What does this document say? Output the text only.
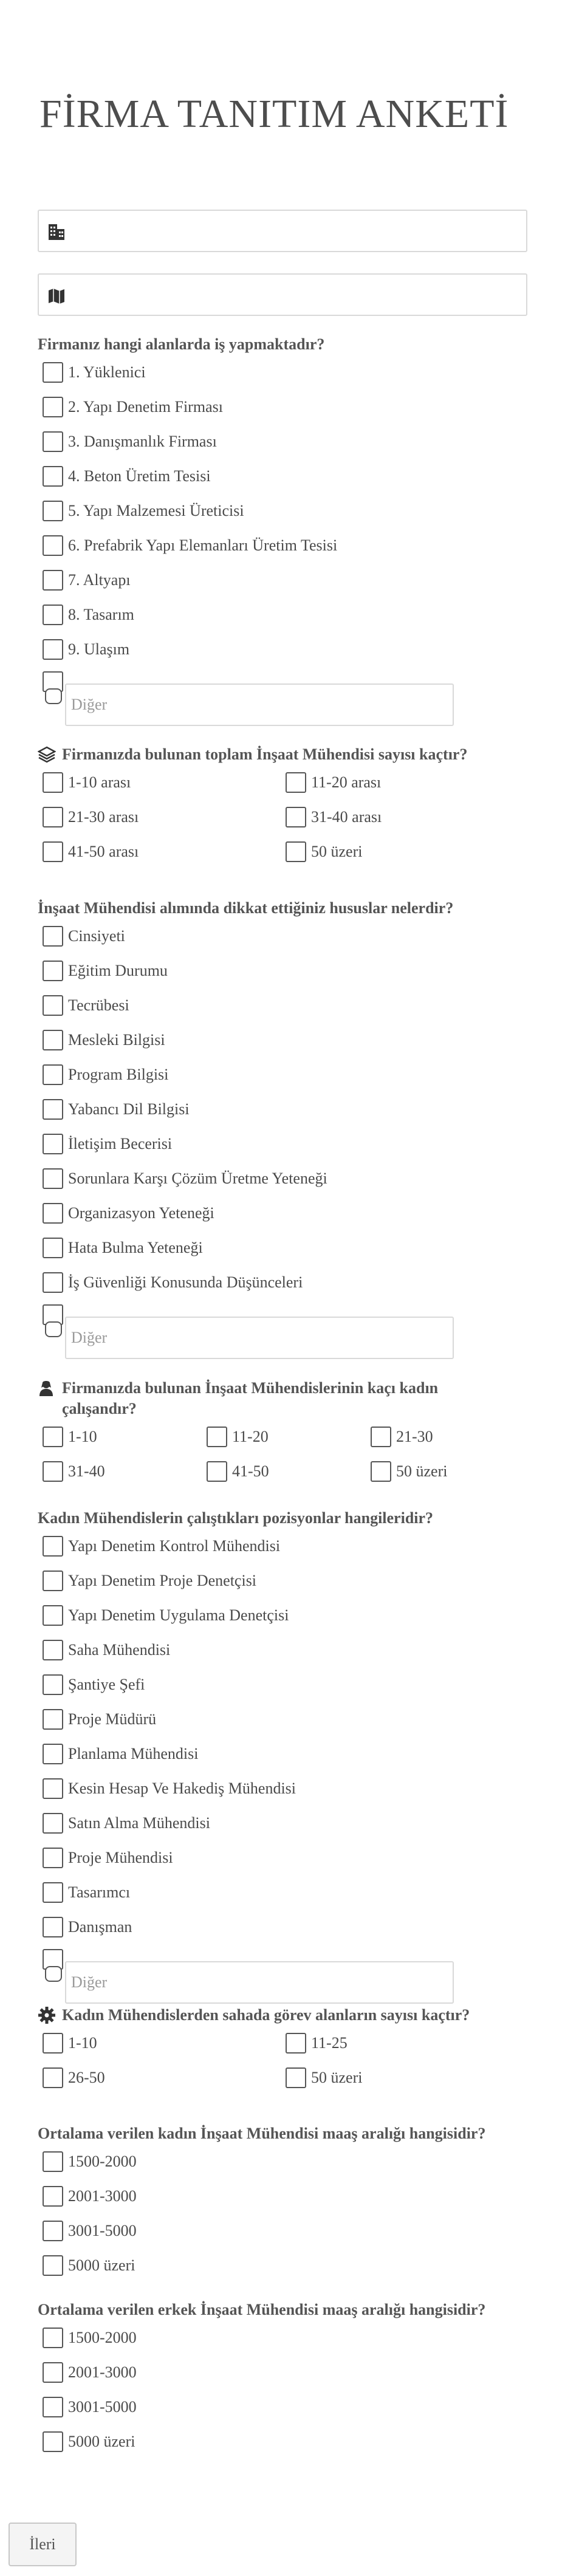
FİRMA TANITIM ANKETİ
Firmanız hangi alanlarda iş yapmaktadır?
1. Yüklenici
2. Yapı Denetim Firması
3. Danışmanlık Firması
4. Beton Üretim Tesisi
5. Yapı Malzemesi Üreticisi
6. Prefabrik Yapı Elemanları Üretim Tesisi
7. Altyapı
8. Tasarım
9. Ulaşım
Diğer
Firmanızda bulunan toplam İnşaat Mühendisi sayısı kaçtır?
1-10 arası	11-20 arası
21-30 arası	31-40 arası
41-50 arası	50 üzeri
İnşaat Mühendisi alımında dikkat ettiğiniz hususlar nelerdir?
Cinsiyeti
Eğitim Durumu
Tecrübesi
Mesleki Bilgisi
Program Bilgisi
Yabancı Dil Bilgisi
İletişim Becerisi
Sorunlara Karşı Çözüm Üretme Yeteneği
Organizasyon Yeteneği
Hata Bulma Yeteneği
İş Güvenliği Konusunda Düşünceleri
Diğer
Firmanızda bulunan İnşaat Mühendislerinin kaçı kadın
çalışandır?
1-10	11-20	21-30
31-40	41-50	50 üzeri
Kadın Mühendislerin çalıştıkları pozisyonlar hangileridir?
Yapı Denetim Kontrol Mühendisi
Yapı Denetim Proje Denetçisi
Yapı Denetim Uygulama Denetçisi
Saha Mühendisi
Şantiye Şefi
Proje Müdürü
Planlama Mühendisi
Kesin Hesap Ve Hakediş Mühendisi
Satın Alma Mühendisi
Proje Mühendisi
Tasarımcı
Danışman
Diğer
Kadın Mühendislerden sahada görev alanların sayısı kaçtır?
1-10	11-25
26-50	50 üzeri
Ortalama verilen kadın İnşaat Mühendisi maaş aralığı hangisidir?
1500-2000
2001-3000
3001-5000
5000 üzeri
Ortalama verilen erkek İnşaat Mühendisi maaş aralığı hangisidir?
1500-2000
2001-3000
3001-5000
5000 üzeri
İleri
